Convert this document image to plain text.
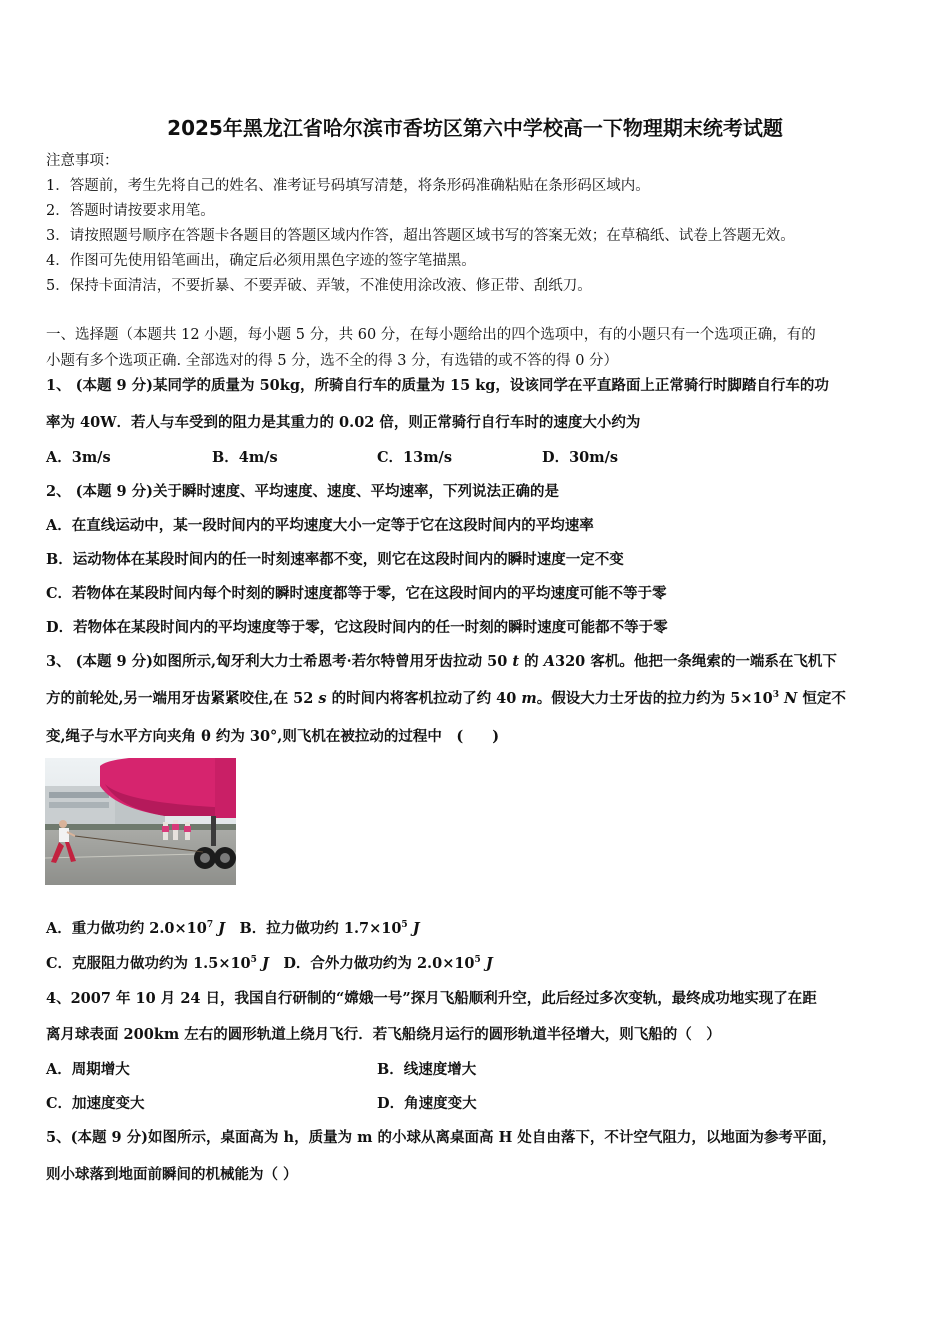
2025年黑龙江省哈尔滨市香坊区第六中学校高一下物理期末统考试题
注意事项：
1．答题前，考生先将自己的姓名、准考证号码填写清楚，将条形码准确粘贴在条形码区域内。
2．答题时请按要求用笔。
3．请按照题号顺序在答题卡各题目的答题区域内作答，超出答题区域书写的答案无效；在草稿纸、试卷上答题无效。
4．作图可先使用铅笔画出，确定后必须用黑色字迹的签字笔描黑。
5．保持卡面清洁，不要折暴、不要弄破、弄皱，不准使用涂改液、修正带、刮纸刀。
一、选择题（本题共 12 小题，每小题 5 分，共 60 分，在每小题给出的四个选项中，有的小题只有一个选项正确，有的
小题有多个选项正确. 全部选对的得 5 分，选不全的得 3 分，有选错的或不答的得 0 分）
1、 (本题 9 分)某同学的质量为 50kg，所骑自行车的质量为 15 kg，设该同学在平直路面上正常骑行时脚踏自行车的功
率为 40W．若人与车受到的阻力是其重力的 0.02 倍，则正常骑行自行车时的速度大小约为
A．3m/s	B．4m/s	C．13m/s	D．30m/s
2、 (本题 9 分)关于瞬时速度、平均速度、速度、平均速率，下列说法正确的是
A．在直线运动中，某一段时间内的平均速度大小一定等于它在这段时间内的平均速率
B．运动物体在某段时间内的任一时刻速率都不变，则它在这段时间内的瞬时速度一定不变
C．若物体在某段时间内每个时刻的瞬时速度都等于零，它在这段时间内的平均速度可能不等于零
D．若物体在某段时间内的平均速度等于零，它这段时间内的任一时刻的瞬时速度可能都不等于零
3、 (本题 9 分)如图所示,匈牙利大力士希恩考·若尔特曾用牙齿拉动 50 t 的 A320 客机。他把一条绳索的一端系在飞机下
方的前轮处,另一端用牙齿紧紧咬住,在 52 s 的时间内将客机拉动了约 40 m。假设大力士牙齿的拉力约为 $5\times 10^3$ N 恒定不
变,绳子与水平方向夹角 θ 约为 30°,则飞机在被拉动的过程中　(　　)
A．重力做功约 $2.0\times 10^7$ J　B．拉力做功约 $1.7\times 10^5$ J
C．克服阻力做功约为 $1.5\times 10^5$ J　D．合外力做功约为 $2.0\times 10^5$ J
4、2007 年 10 月 24 日，我国自行研制的“嫦娥一号”探月飞船顺利升空，此后经过多次变轨，最终成功地实现了在距
离月球表面 200km 左右的圆形轨道上绕月飞行．若飞船绕月运行的圆形轨道半径增大，则飞船的（　）
A．周期增大	B．线速度增大
C．加速度变大	D．角速度变大
5、(本题 9 分)如图所示，桌面高为 h，质量为 m 的小球从离桌面高 H 处自由落下，不计空气阻力，以地面为参考平面，
则小球落到地面前瞬间的机械能为（ ）
